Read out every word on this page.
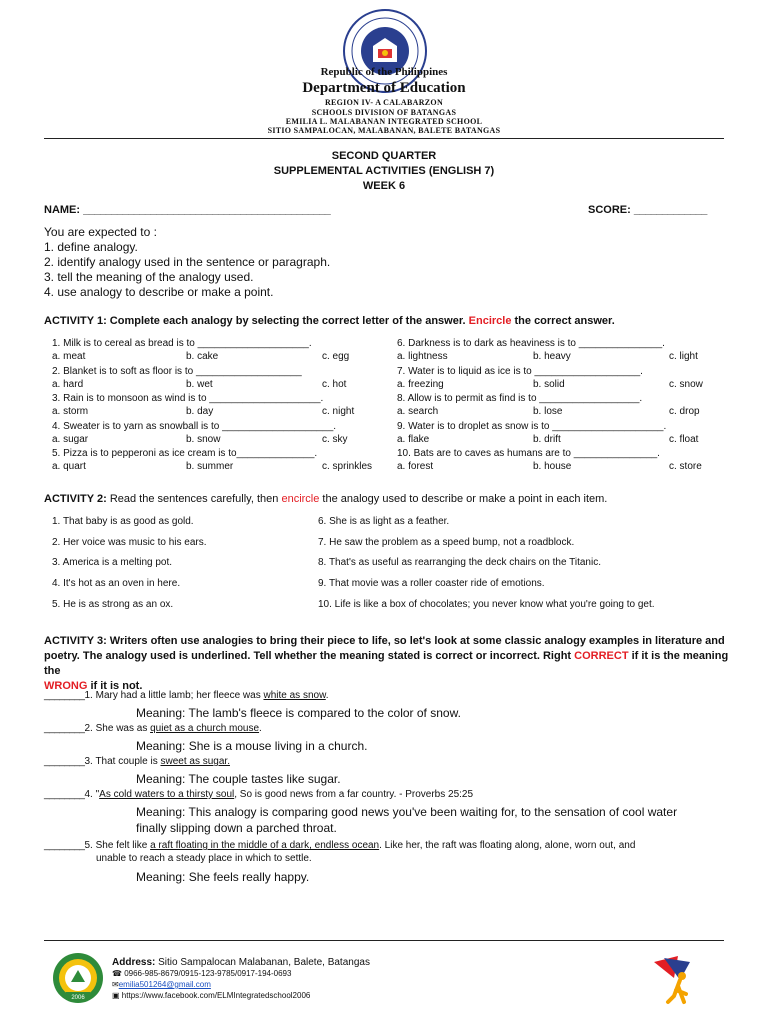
Republic of the Philippines
Department of Education
REGION IV- A CALABARZON
SCHOOLS DIVISION OF BATANGAS
EMILIA L. MALABANAN INTEGRATED SCHOOL
SITIO SAMPALOCAN, MALABANAN, BALETE BATANGAS
SECOND QUARTER
SUPPLEMENTAL ACTIVITIES (ENGLISH 7)
WEEK 6
NAME: ____________________________________________	SCORE: _____________
You are expected to :
1. define analogy.
2. identify analogy used in the sentence or paragraph.
3. tell the meaning of the analogy used.
4. use analogy to describe or make a point.
ACTIVITY 1: Complete each analogy by selecting the correct letter of the answer. Encircle the correct answer.
1. Milk is to cereal as bread is to ____________________.
a. meat	b. cake	c. egg
2. Blanket is to soft as floor is to ___________________
a. hard	b. wet	c. hot
3. Rain is to monsoon as wind is to ____________________.
a. storm	b. day	c. night
4. Sweater is to yarn as snowball is to ____________________.
a. sugar	b. snow	c. sky
5. Pizza is to pepperoni as ice cream is to______________.
a. quart	b. summer	c. sprinkles
6. Darkness is to dark as heaviness is to _______________.
a. lightness	b. heavy	c. light
7. Water is to liquid as ice is to ___________________.
a. freezing	b. solid	c. snow
8. Allow is to permit as find is to __________________.
a. search	b. lose	c. drop
9. Water is to droplet as snow is to ____________________.
a. flake	b. drift	c. float
10. Bats are to caves as humans are to _______________.
a. forest	b. house	c. store
ACTIVITY 2: Read the sentences carefully, then encircle the analogy used to describe or make a point in each item.
1. That baby is as good as gold.
2. Her voice was music to his ears.
3. America is a melting pot.
4. It's hot as an oven in here.
5. He is as strong as an ox.
6. She is as light as a feather.
7. He saw the problem as a speed bump, not a roadblock.
8. That's as useful as rearranging the deck chairs on the Titanic.
9. That movie was a roller coaster ride of emotions.
10. Life is like a box of chocolates; you never know what you're going to get.
ACTIVITY 3: Writers often use analogies to bring their piece to life, so let's look at some classic analogy examples in literature and
poetry. The analogy used is underlined. Tell whether the meaning stated is correct or incorrect. Right CORRECT if it is the meaning the
WRONG if it is not.
________1. Mary had a little lamb; her fleece was white as snow.
Meaning: The lamb's fleece is compared to the color of snow.
________2. She was as quiet as a church mouse.
Meaning: She is a mouse living in a church.
________3. That couple is sweet as sugar.
Meaning: The couple tastes like sugar.
________4. "As cold waters to a thirsty soul, So is good news from a far country. - Proverbs 25:25
Meaning: This analogy is comparing good news you've been waiting for, to the sensation of cool water
finally slipping down a parched throat.
________5. She felt like a raft floating in the middle of a dark, endless ocean. Like her, the raft was floating along, alone, worn out, and
unable to reach a steady place in which to settle.
Meaning: She feels really happy.
2006
Address: Sitio Sampalocan Malabanan, Balete, Batangas
☎ 0966-985-8679/0915-123-9785/0917-194-0693
✉emilia501264@gmail.com
▣ https://www.facebook.com/ELMIntegratedschool2006
